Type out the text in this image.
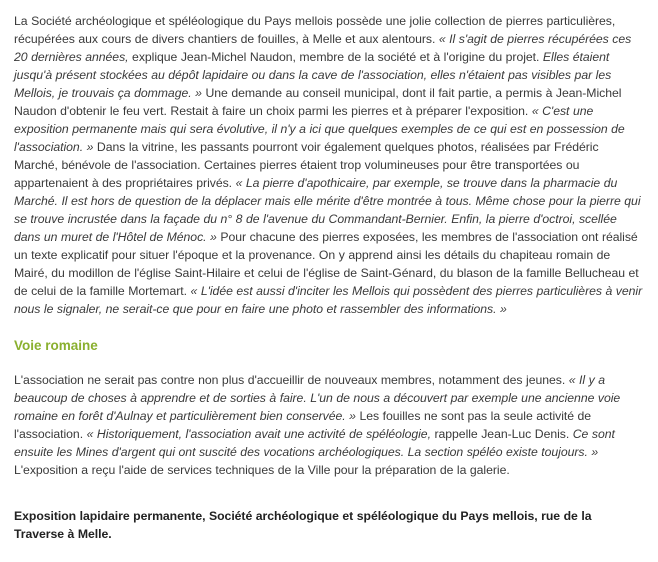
La Société archéologique et spéléologique du Pays mellois possède une jolie collection de pierres particulières, récupérées aux cours de divers chantiers de fouilles, à Melle et aux alentours. « Il s'agit de pierres récupérées ces 20 dernières années, explique Jean-Michel Naudon, membre de la société et à l'origine du projet. Elles étaient jusqu'à présent stockées au dépôt lapidaire ou dans la cave de l'association, elles n'étaient pas visibles par les Mellois, je trouvais ça dommage. » Une demande au conseil municipal, dont il fait partie, a permis à Jean-Michel Naudon d'obtenir le feu vert. Restait à faire un choix parmi les pierres et à préparer l'exposition. « C'est une exposition permanente mais qui sera évolutive, il n'y a ici que quelques exemples de ce qui est en possession de l'association. » Dans la vitrine, les passants pourront voir également quelques photos, réalisées par Frédéric Marché, bénévole de l'association. Certaines pierres étaient trop volumineuses pour être transportées ou appartenaient à des propriétaires privés. « La pierre d'apothicaire, par exemple, se trouve dans la pharmacie du Marché. Il est hors de question de la déplacer mais elle mérite d'être montrée à tous. Même chose pour la pierre qui se trouve incrustée dans la façade du n° 8 de l'avenue du Commandant-Bernier. Enfin, la pierre d'octroi, scellée dans un muret de l'Hôtel de Ménoc. » Pour chacune des pierres exposées, les membres de l'association ont réalisé un texte explicatif pour situer l'époque et la provenance. On y apprend ainsi les détails du chapiteau romain de Mairé, du modillon de l'église Saint-Hilaire et celui de l'église de Saint-Génard, du blason de la famille Bellucheau et de celui de la famille Mortemart. « L'idée est aussi d'inciter les Mellois qui possèdent des pierres particulières à venir nous le signaler, ne serait-ce que pour en faire une photo et rassembler des informations. »

Voie romaine

L'association ne serait pas contre non plus d'accueillir de nouveaux membres, notamment des jeunes. « Il y a beaucoup de choses à apprendre et de sorties à faire. L'un de nous a découvert par exemple une ancienne voie romaine en forêt d'Aulnay et particulièrement bien conservée. » Les fouilles ne sont pas la seule activité de l'association. « Historiquement, l'association avait une activité de spéléologie, rappelle Jean-Luc Denis. Ce sont ensuite les Mines d'argent qui ont suscité des vocations archéologiques. La section spéléo existe toujours. » L'exposition a reçu l'aide de services techniques de la Ville pour la préparation de la galerie.

Exposition lapidaire permanente, Société archéologique et spéléologique du Pays mellois, rue de la Traverse à Melle.
